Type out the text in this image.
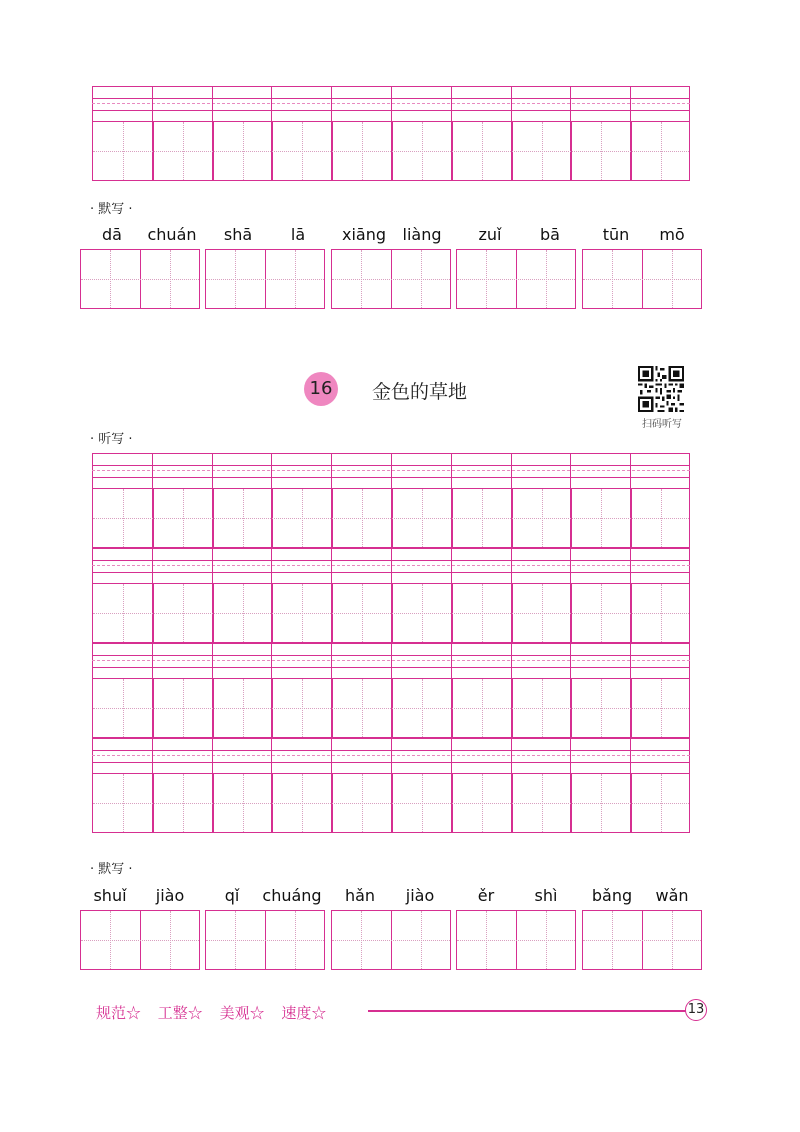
· 默写 ·
dā	chuán	shā	lā	xiāng	liàng	zuǐ	bā	tūn	mō
16 金色的草地
扫码听写
· 听写 ·
· 默写 ·
shuǐ	jiào	qǐ	chuáng	hǎn	jiào	ěr	shì	bǎng	wǎn
规范☆ 工整☆ 美观☆ 速度☆	13
